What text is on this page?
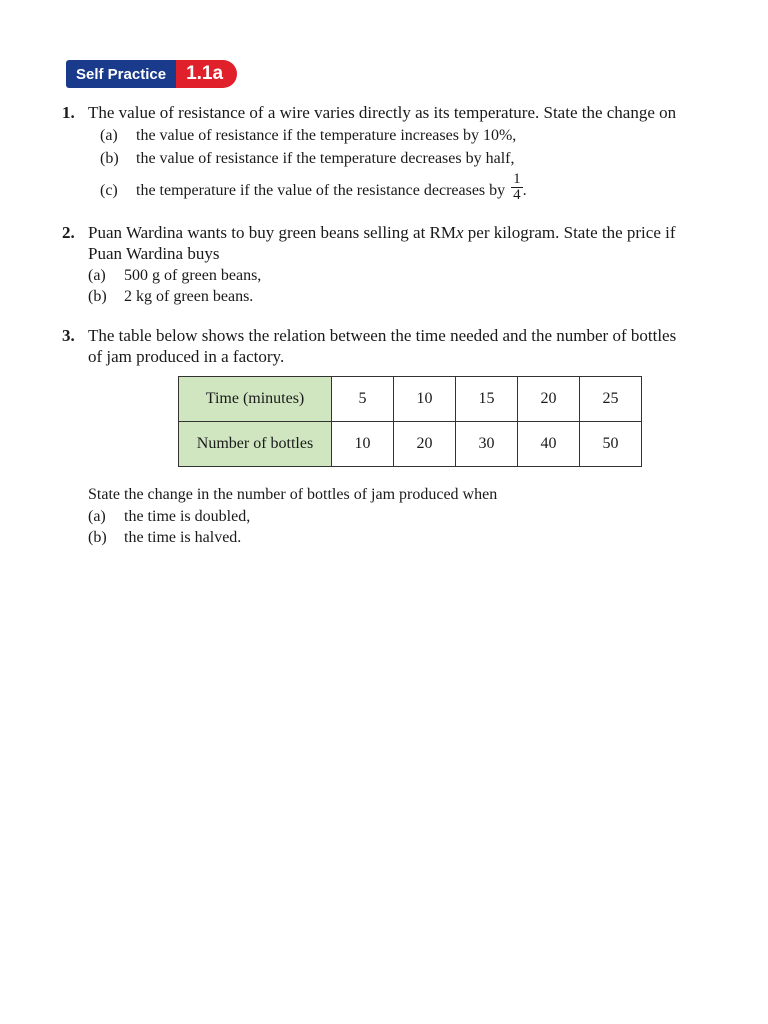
Self Practice	1.1a
1. The value of resistance of a wire varies directly as its temperature. State the change on
(a) the value of resistance if the temperature increases by 10%,
(b) the value of resistance if the temperature decreases by half,
(c) the temperature if the value of the resistance decreases by $\frac{1}{4}$ .
2. Puan Wardina wants to buy green beans selling at RMx per kilogram. State the price if
Puan Wardina buys
(a) 500 g of green beans,
(b) 2 kg of green beans.
3. The table below shows the relation between the time needed and the number of bottles
of jam produced in a factory.
Time (minutes)	5	10	15	20	25
Number of bottles	10	20	30	40	50
State the change in the number of bottles of jam produced when
(a) the time is doubled,
(b) the time is halved.
